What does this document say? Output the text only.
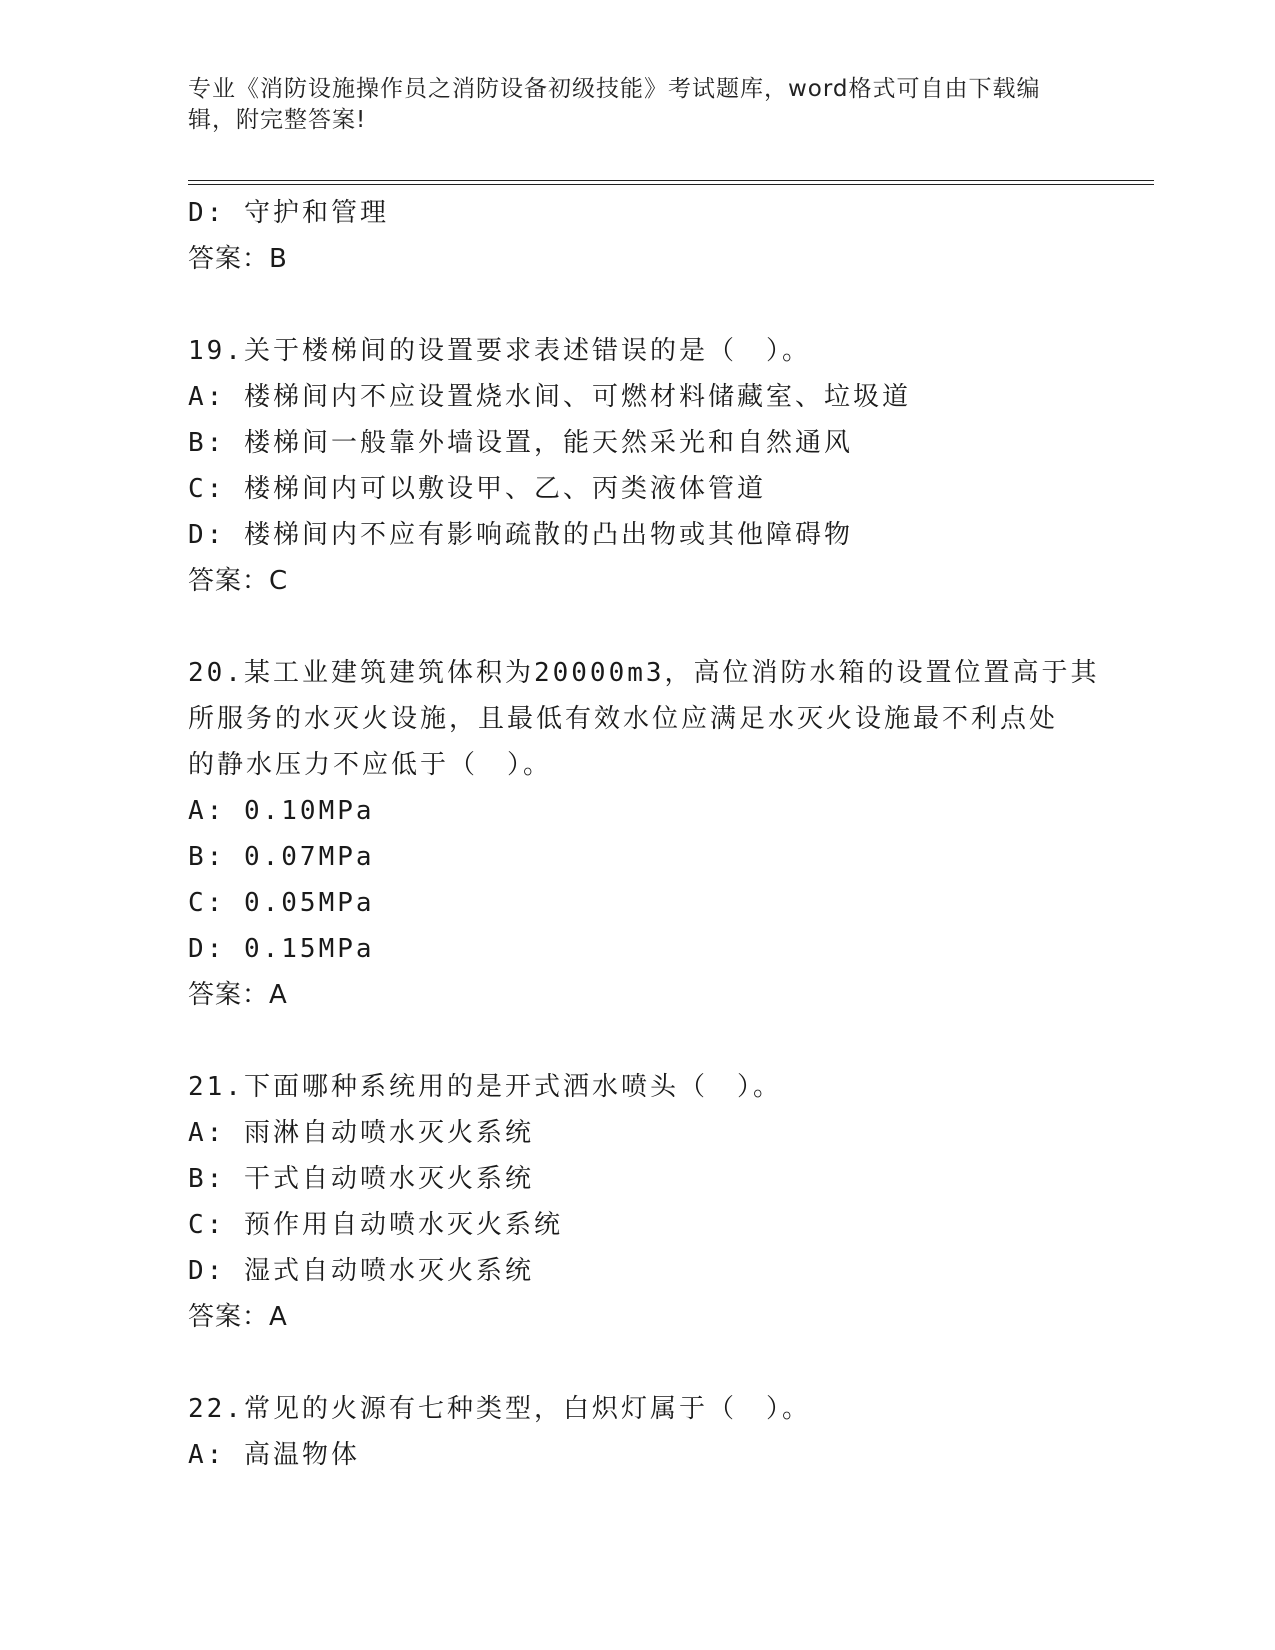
专业《消防设施操作员之消防设备初级技能》考试题库，word格式可自由下载编
辑，附完整答案!
D: 守护和管理
答案：B
19.关于楼梯间的设置要求表述错误的是（　）。
A: 楼梯间内不应设置烧水间、可燃材料储藏室、垃圾道
B: 楼梯间一般靠外墙设置，能天然采光和自然通风
C: 楼梯间内可以敷设甲、乙、丙类液体管道
D: 楼梯间内不应有影响疏散的凸出物或其他障碍物
答案：C
20.某工业建筑建筑体积为20000m3，高位消防水箱的设置位置高于其
所服务的水灭火设施，且最低有效水位应满足水灭火设施最不利点处
的静水压力不应低于（　）。
A: 0.10MPa
B: 0.07MPa
C: 0.05MPa
D: 0.15MPa
答案：A
21.下面哪种系统用的是开式洒水喷头（　）。
A: 雨淋自动喷水灭火系统
B: 干式自动喷水灭火系统
C: 预作用自动喷水灭火系统
D: 湿式自动喷水灭火系统
答案：A
22.常见的火源有七种类型，白炽灯属于（　）。
A: 高温物体
